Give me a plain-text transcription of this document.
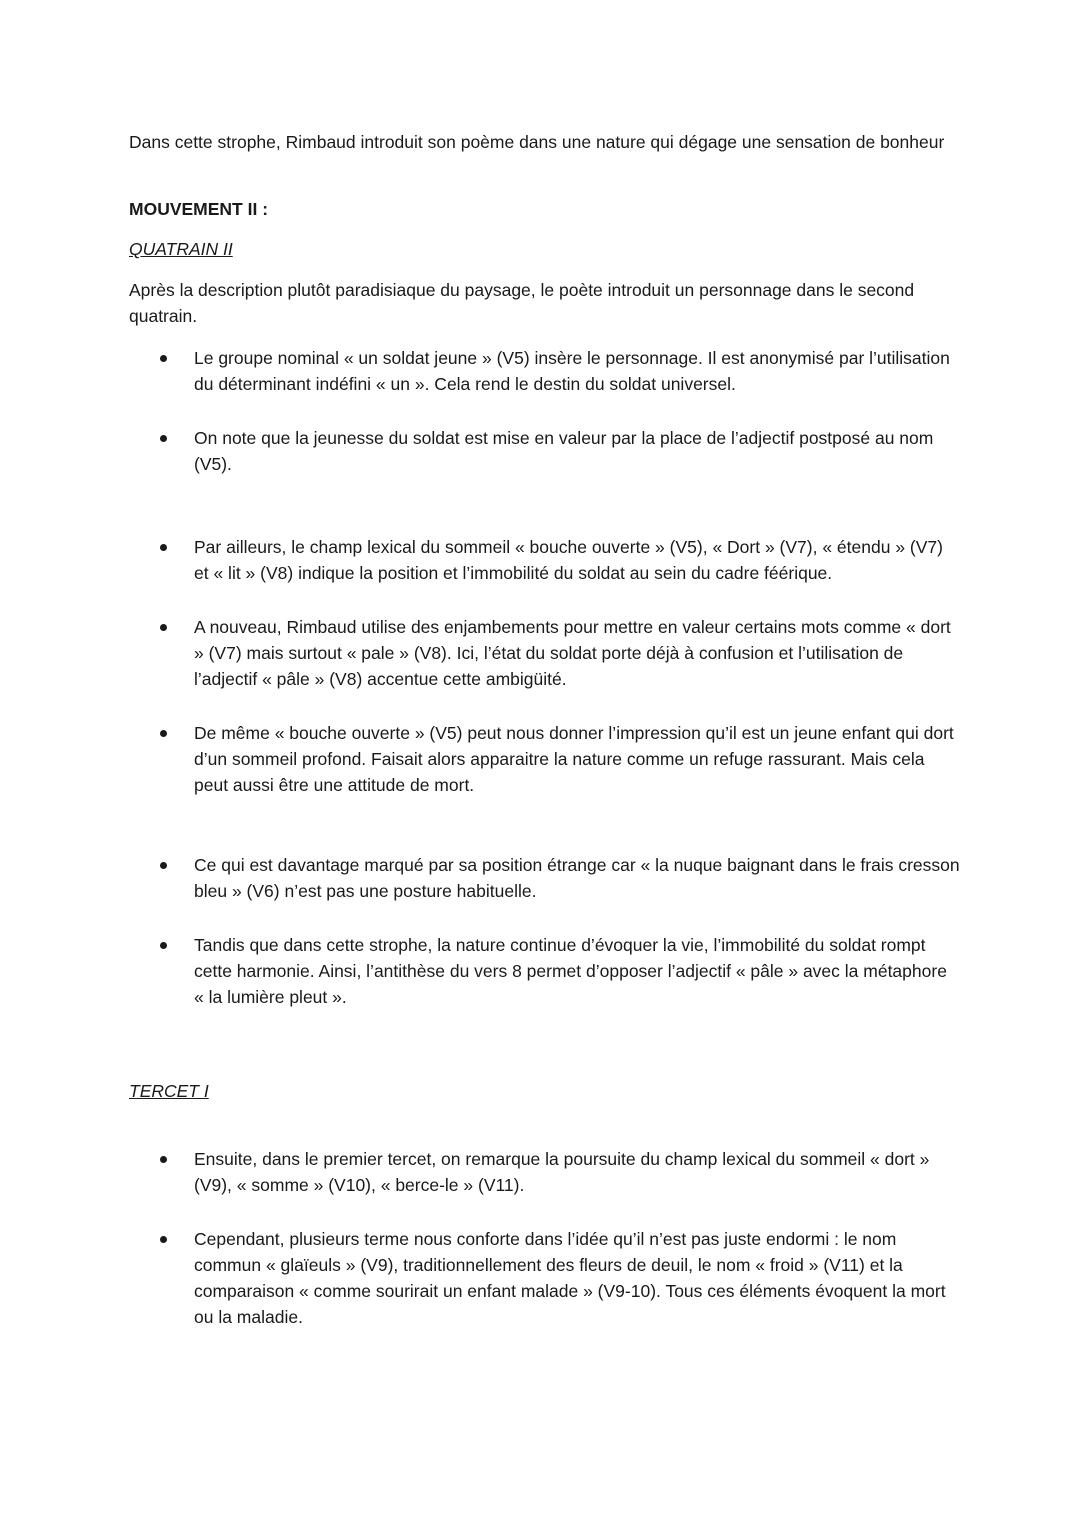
Dans cette strophe, Rimbaud introduit son poème dans une nature qui dégage une sensation de bonheur

MOUVEMENT II :

QUATRAIN II

Après la description plutôt paradisiaque du paysage, le poète introduit un personnage dans le second quatrain.

Le groupe nominal « un soldat jeune » (V5) insère le personnage. Il est anonymisé par l’utilisation du déterminant indéfini « un ». Cela rend le destin du soldat universel.

On note que la jeunesse du soldat est mise en valeur par la place de l’adjectif postposé au nom (V5).

Par ailleurs, le champ lexical du sommeil « bouche ouverte » (V5), « Dort » (V7), « étendu » (V7) et « lit » (V8) indique la position et l’immobilité du soldat au sein du cadre féérique.

A nouveau, Rimbaud utilise des enjambements pour mettre en valeur certains mots comme « dort » (V7) mais surtout « pale » (V8). Ici, l’état du soldat porte déjà à confusion et l’utilisation de l’adjectif « pâle » (V8) accentue cette ambigüité.

De même « bouche ouverte » (V5) peut nous donner l’impression qu’il est un jeune enfant qui dort d’un sommeil profond. Faisait alors apparaitre la nature comme un refuge rassurant. Mais cela peut aussi être une attitude de mort.

Ce qui est davantage marqué par sa position étrange car « la nuque baignant dans le frais cresson bleu » (V6) n’est pas une posture habituelle.

Tandis que dans cette strophe, la nature continue d’évoquer la vie, l’immobilité du soldat rompt cette harmonie. Ainsi, l’antithèse du vers 8 permet d’opposer l’adjectif « pâle » avec la métaphore « la lumière pleut ».

TERCET I

Ensuite, dans le premier tercet, on remarque la poursuite du champ lexical du sommeil « dort » (V9), « somme » (V10), « berce-le » (V11).

Cependant, plusieurs terme nous conforte dans l’idée qu’il n’est pas juste endormi : le nom commun « glaïeuls » (V9), traditionnellement des fleurs de deuil, le nom « froid » (V11) et la comparaison « comme sourirait un enfant malade » (V9-10). Tous ces éléments évoquent la mort ou la maladie.
